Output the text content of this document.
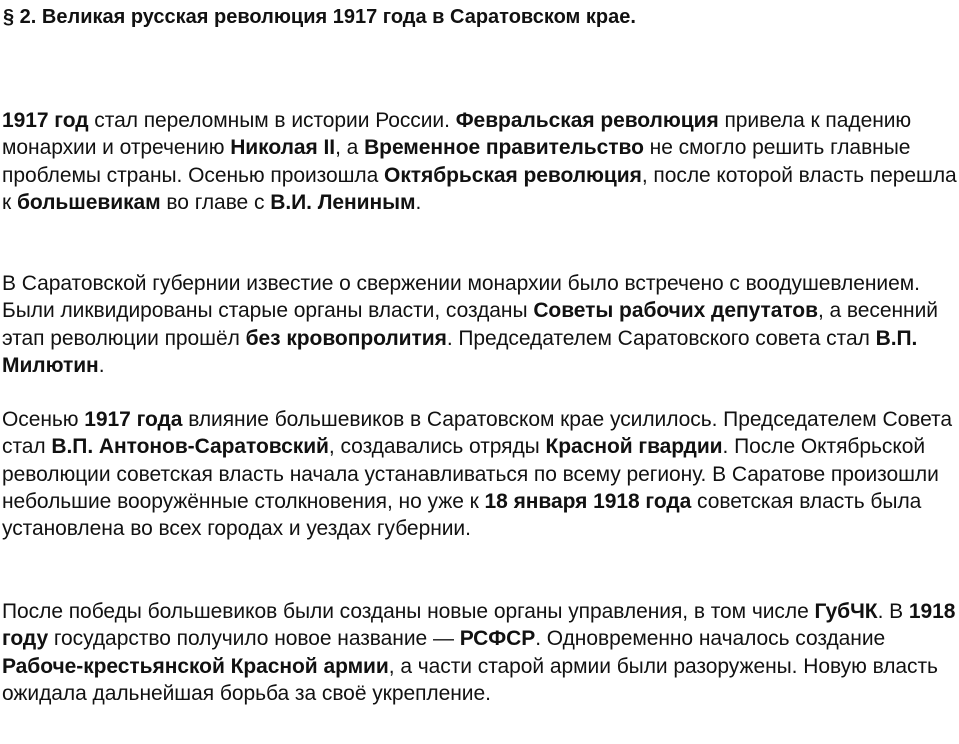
§ 2. Великая русская революция 1917 года в Саратовском крае.

1917 год стал переломным в истории России. Февральская революция привела к падению монархии и отречению Николая II, а Временное правительство не смогло решить главные проблемы страны. Осенью произошла Октябрьская революция, после которой власть перешла к большевикам во главе с В.И. Лениным.

В Саратовской губернии известие о свержении монархии было встречено с воодушевлением. Были ликвидированы старые органы власти, созданы Советы рабочих депутатов, а весенний этап революции прошёл без кровопролития. Председателем Саратовского совета стал В.П. Милютин.

Осенью 1917 года влияние большевиков в Саратовском крае усилилось. Председателем Совета стал В.П. Антонов-Саратовский, создавались отряды Красной гвардии. После Октябрьской революции советская власть начала устанавливаться по всему региону. В Саратове произошли небольшие вооружённые столкновения, но уже к 18 января 1918 года советская власть была установлена во всех городах и уездах губернии.

После победы большевиков были созданы новые органы управления, в том числе ГубЧК. В 1918 году государство получило новое название — РСФСР. Одновременно началось создание Рабоче-крестьянской Красной армии, а части старой армии были разоружены. Новую власть ожидала дальнейшая борьба за своё укрепление.
